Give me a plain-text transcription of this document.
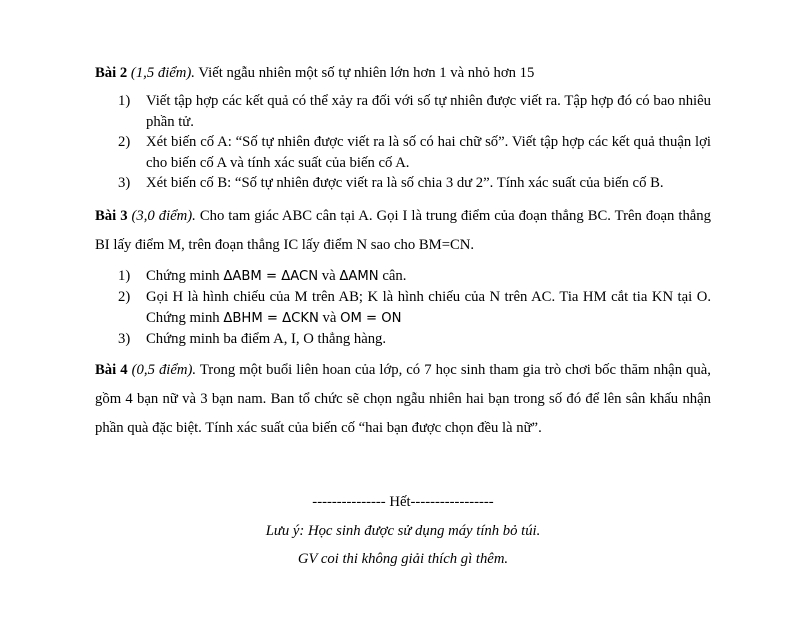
Bài 2 (1,5 điểm). Viết ngẫu nhiên một số tự nhiên lớn hơn 1 và nhỏ hơn 15

1) Viết tập hợp các kết quả có thể xảy ra đối với số tự nhiên được viết ra. Tập hợp đó có bao nhiêu phần tử.
2) Xét biến cố A: “Số tự nhiên được viết ra là số có hai chữ số”. Viết tập hợp các kết quả thuận lợi cho biến cố A và tính xác suất của biến cố A.
3) Xét biến cố B: “Số tự nhiên được viết ra là số chia 3 dư 2”. Tính xác suất của biến cố B.

Bài 3 (3,0 điểm). Cho tam giác ABC cân tại A. Gọi I là trung điểm của đoạn thẳng BC. Trên đoạn thẳng BI lấy điểm M, trên đoạn thẳng IC lấy điểm N sao cho BM=CN.

1) Chứng minh ΔABM = ΔACN và ΔAMN cân.
2) Gọi H là hình chiếu của M trên AB; K là hình chiếu của N trên AC. Tia HM cắt tia KN tại O. Chứng minh ΔBHM = ΔCKN và OM = ON
3) Chứng minh ba điểm A, I, O thẳng hàng.

Bài 4 (0,5 điểm). Trong một buổi liên hoan của lớp, có 7 học sinh tham gia trò chơi bốc thăm nhận quà, gồm 4 bạn nữ và 3 bạn nam. Ban tổ chức sẽ chọn ngẫu nhiên hai bạn trong số đó để lên sân khấu nhận phần quà đặc biệt. Tính xác suất của biến cố “hai bạn được chọn đều là nữ”.

--------------- Hết-----------------

Lưu ý: Học sinh được sử dụng máy tính bỏ túi.

GV coi thi không giải thích gì thêm.
